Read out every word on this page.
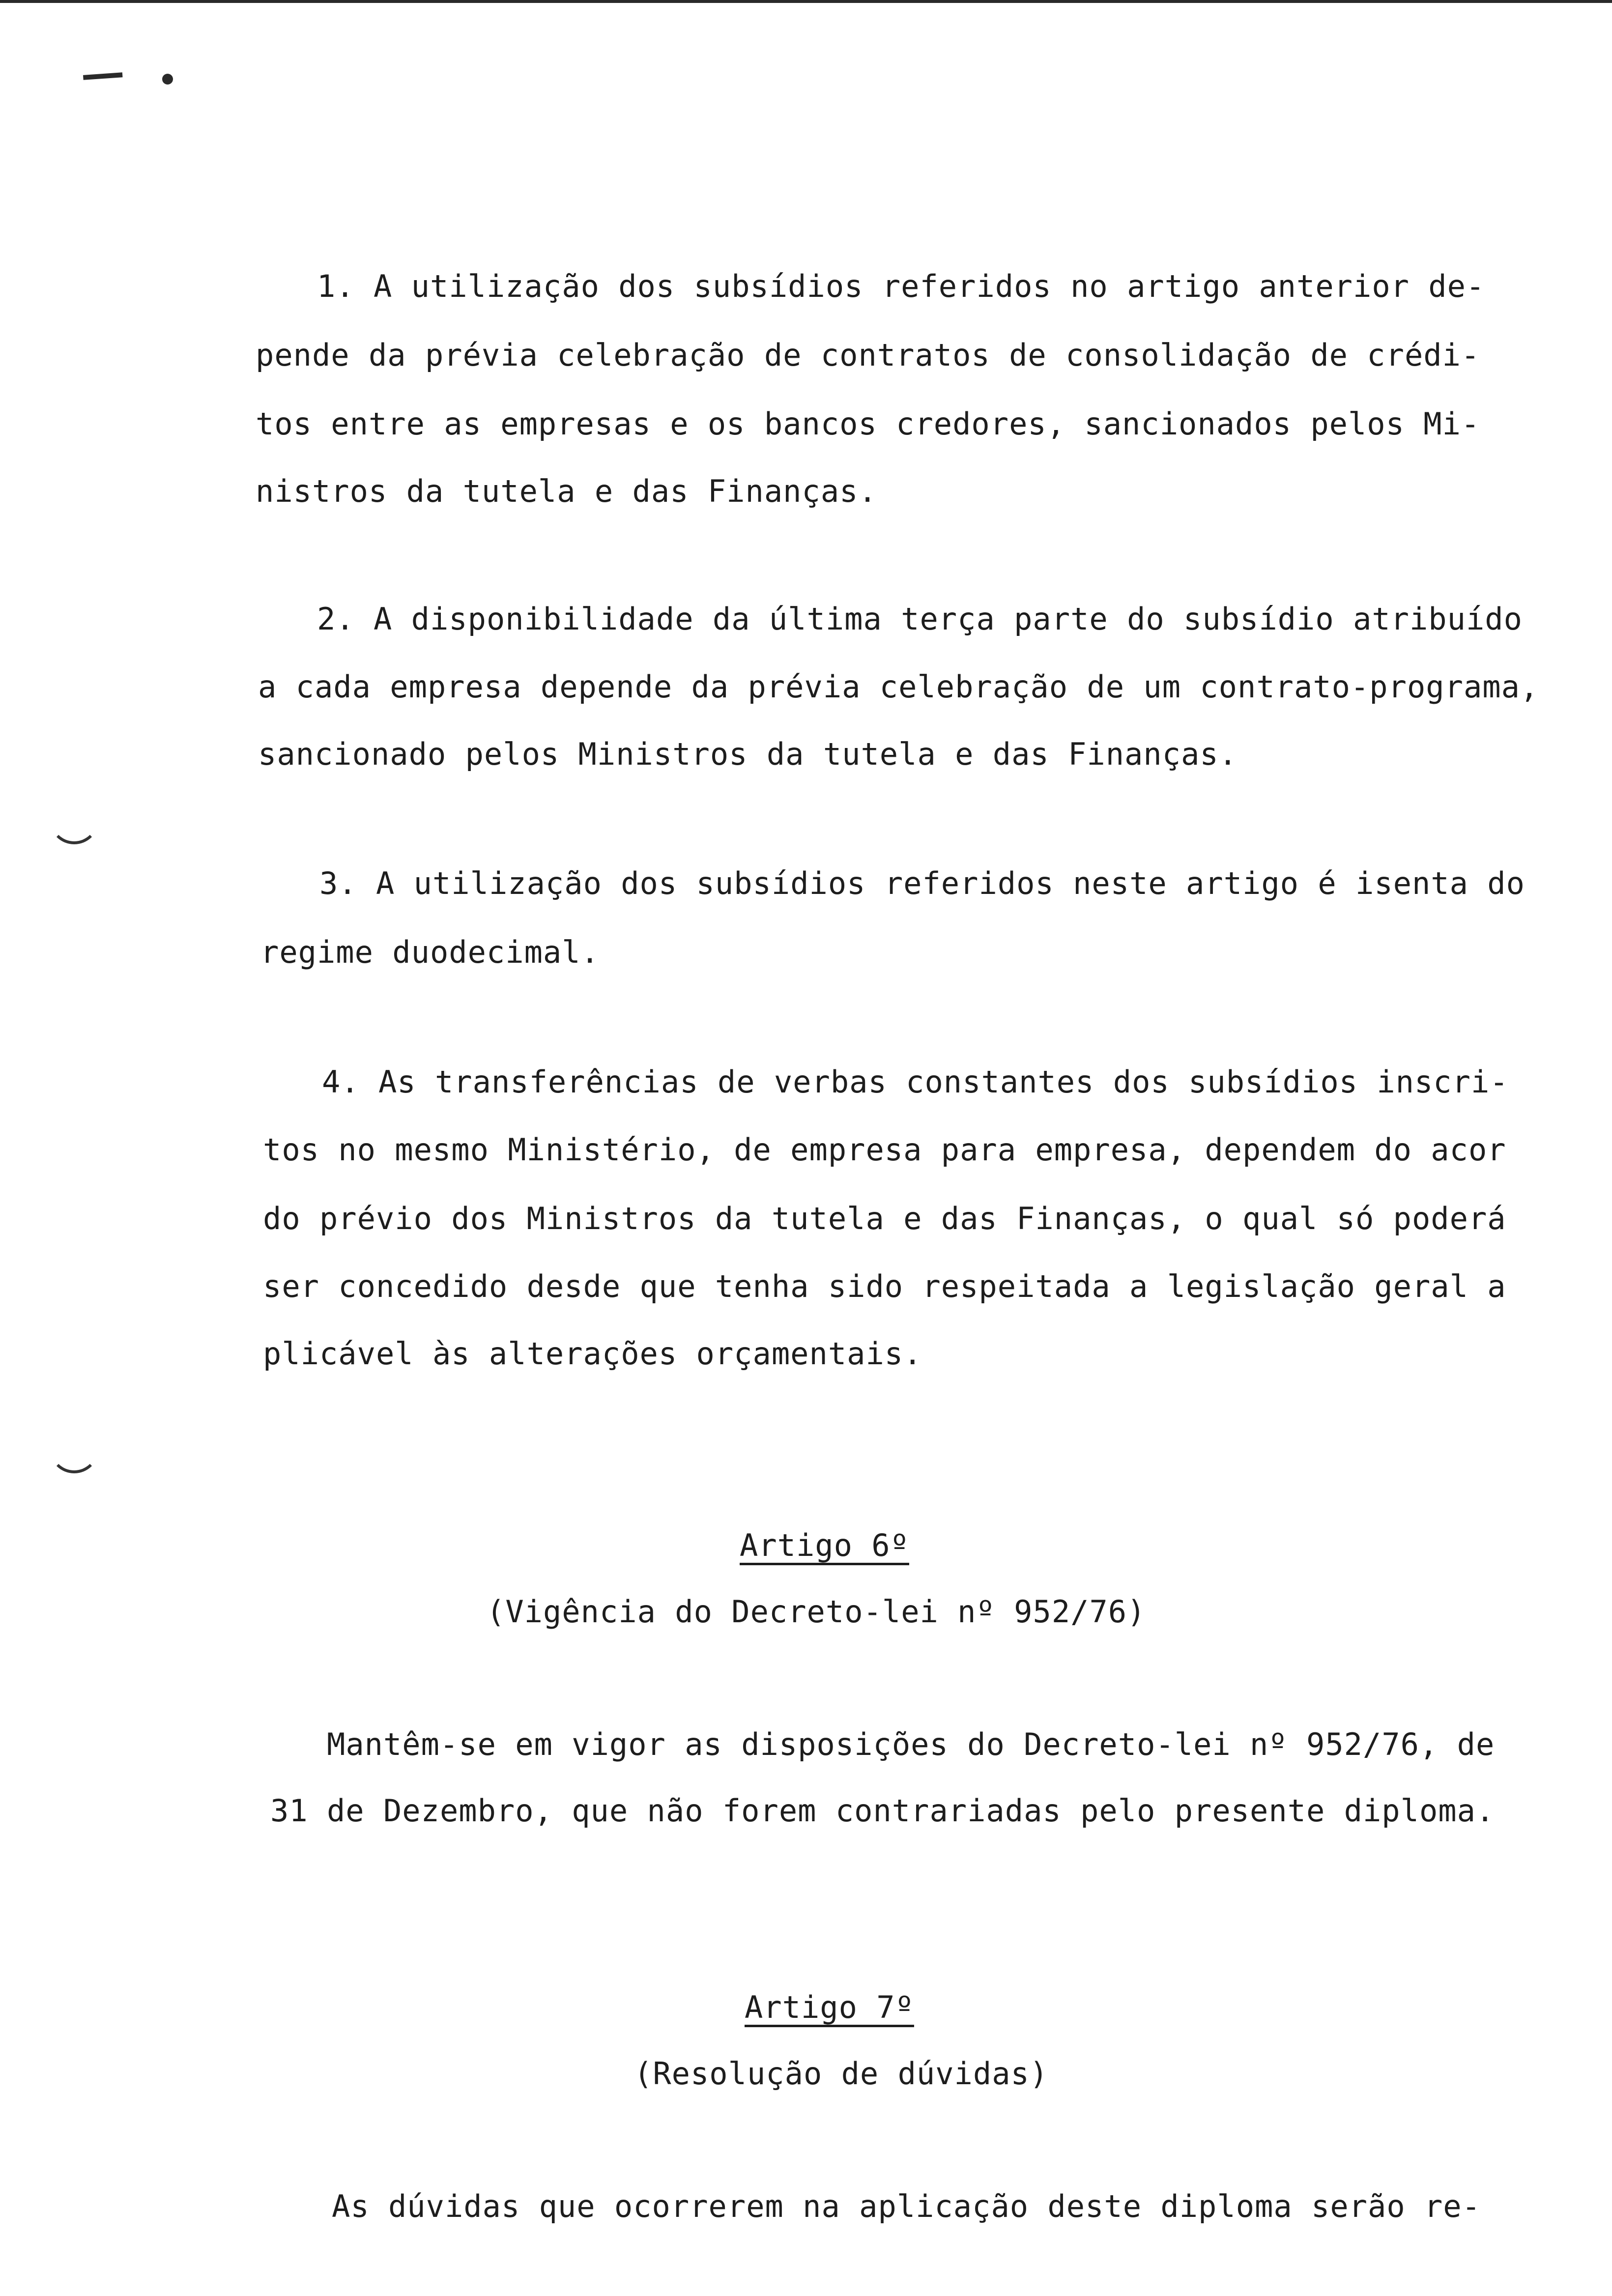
1. A utilização dos subsídios referidos no artigo anterior de-
pende da prévia celebração de contratos de consolidação de crédi-
tos entre as empresas e os bancos credores, sancionados pelos Mi-
nistros da tutela e das Finanças.
2. A disponibilidade da última terça parte do subsídio atribuído
a cada empresa depende da prévia celebração de um contrato-programa,
sancionado pelos Ministros da tutela e das Finanças.
3. A utilização dos subsídios referidos neste artigo é isenta do
regime duodecimal.
4. As transferências de verbas constantes dos subsídios inscri-
tos no mesmo Ministério, de empresa para empresa, dependem do acor
do prévio dos Ministros da tutela e das Finanças, o qual só poderá
ser concedido desde que tenha sido respeitada a legislação geral a
plicável às alterações orçamentais.
Artigo 6º
(Vigência do Decreto-lei nº 952/76)
Mantêm-se em vigor as disposições do Decreto-lei nº 952/76, de
31 de Dezembro, que não forem contrariadas pelo presente diploma.
Artigo 7º
(Resolução de dúvidas)
As dúvidas que ocorrerem na aplicação deste diploma serão re-
